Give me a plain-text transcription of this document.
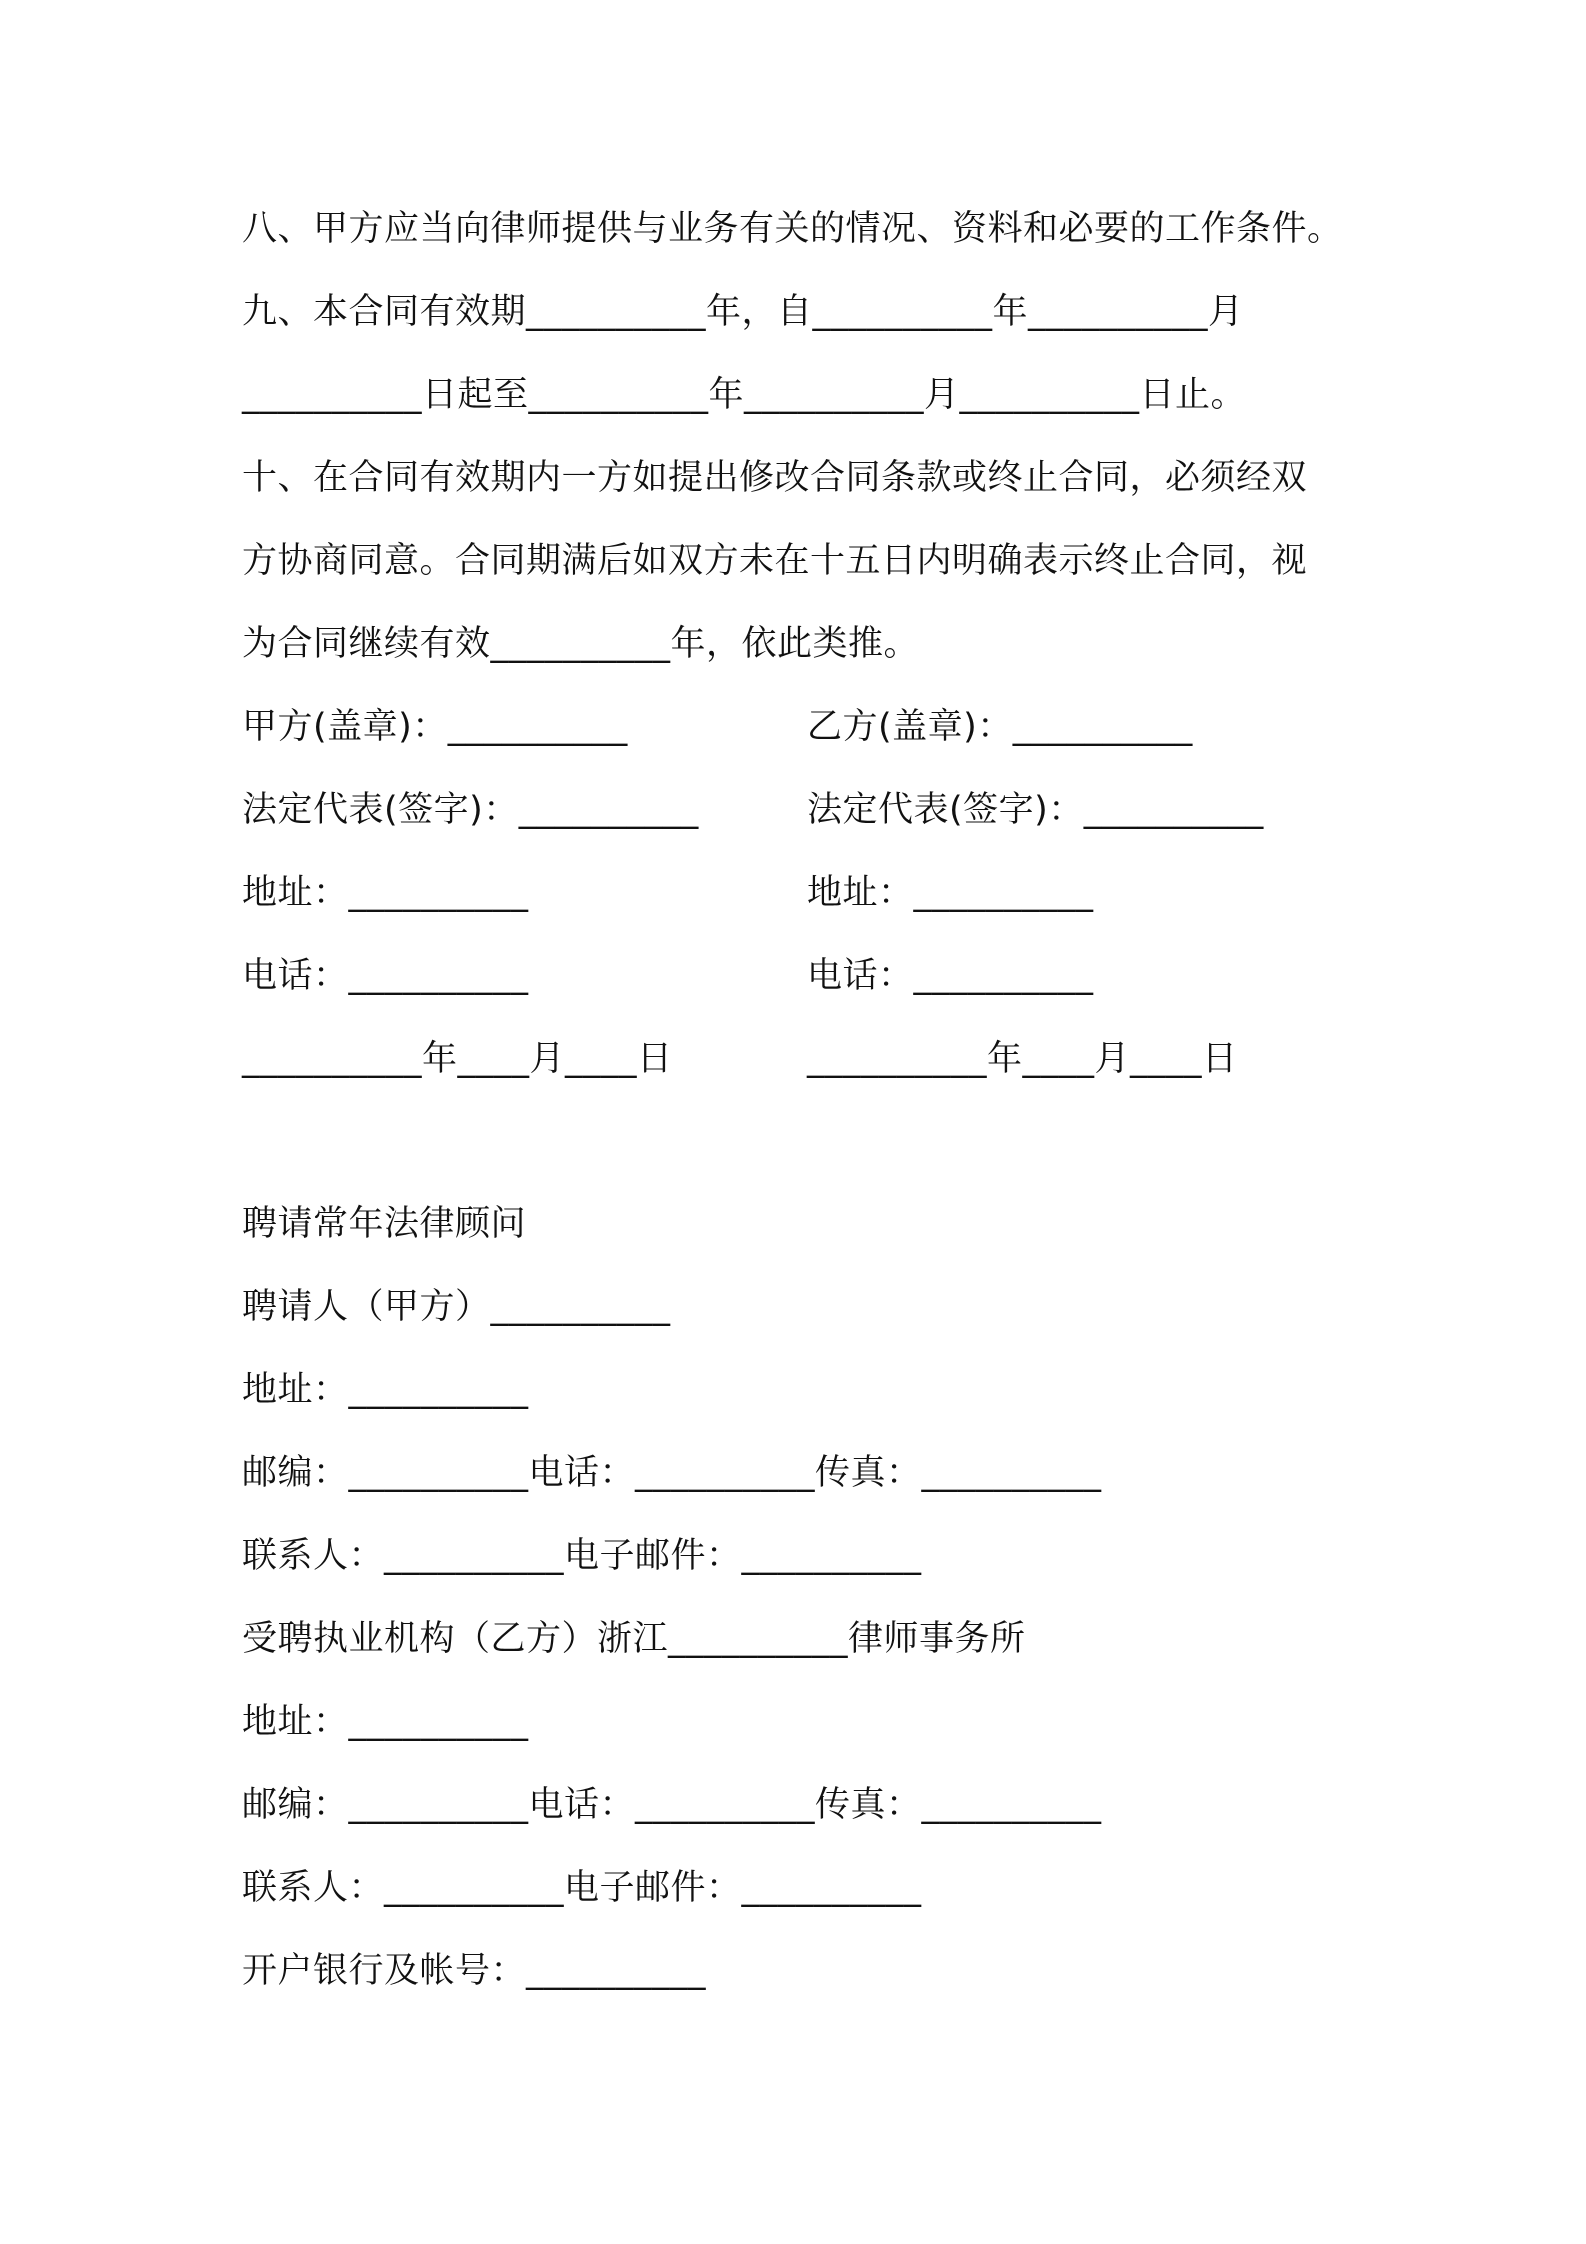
八、甲方应当向律师提供与业务有关的情况、资料和必要的工作条件。
九、本合同有效期__________年，自__________年__________月
__________日起至__________年__________月__________日止。
十、在合同有效期内一方如提出修改合同条款或终止合同，必须经双
方协商同意。合同期满后如双方未在十五日内明确表示终止合同，视
为合同继续有效__________年，依此类推。
甲方(盖章)：__________	乙方(盖章)：__________
法定代表(签字)：__________	法定代表(签字)：__________
地址：__________	地址：__________
电话：__________	电话：__________
__________年____月____日	__________年____月____日
聘请常年法律顾问
聘请人（甲方）__________
地址：__________
邮编：__________电话：__________传真：__________
联系人：__________电子邮件：__________
受聘执业机构（乙方）浙江__________律师事务所
地址：__________
邮编：__________电话：__________传真：__________
联系人：__________电子邮件：__________
开户银行及帐号：__________
